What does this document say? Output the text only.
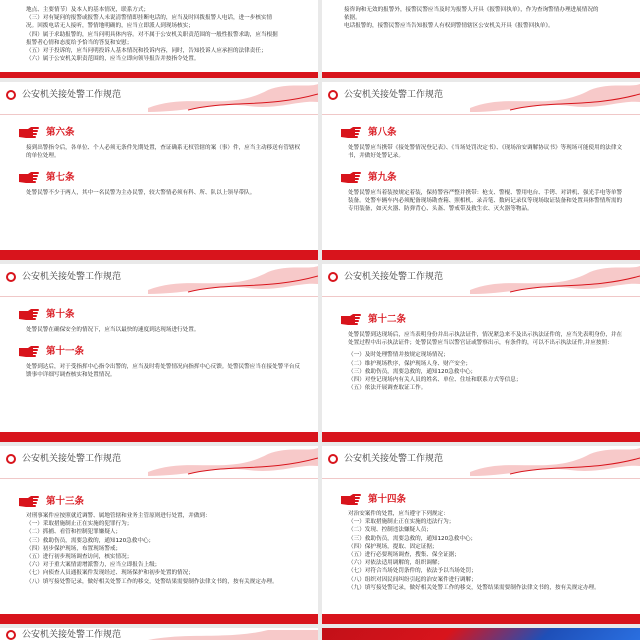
地点、主要情节）及本人的基本情况，联系方式；

（三）对有疑问的报警或报警人未说清警情即挂断电话的，应当及时回拨报警人电话，进一步核实情

况。回拨电话无人接听，警情地明确的，应当立即派人到现场核实；

（四）属于求助报警的，应当问明具体内容。对不属于公安机关职责范围的一般性报警求助，应当根据

报警者心情和态度给予恰当的答复和安慰；

（五）对于投诉的，应当问明投诉人基本情况和投诉内容，同时，告知投诉人应承担的法律责任；

（六）属于公安机关职责范围的，应当立即向领导报告并按指令处置。

接咨询和无效的报警外，接警民警应当及时为报警人开具《报警回执单》，作为查询警情办理进展情况的

依据。

电话报警的，接警民警应当告知报警人有权到警情辖区公安机关开具《报警回执单》。

公安机关接处警工作规范
第六条
接到出警指令后，各单位、个人必须无条件先期处置，查证确系无权管辖的案（事）件，应当主动移送有管辖权的单位处理。
第七条
处警民警不少于两人，其中一名民警为主办民警，较大警情必须有科、所、队以上领导带队。
公安机关接处警工作规范
第八条
处警民警应当携带《接处警情况登记表》、《当场处罚决定书》、《现场治安调解协议书》等现场可能使用的法律文书，并做好处警记录。
第九条
处警民警应当着装按规定着装，保持警容严整并携带：枪支、警棍、警用电台、手铐、对讲机、强光手电等单警装备。处警车辆车内必须配备现场勘查箱、照相机、录音笔、数码记录仪等现场取证装备和处置具体警情所需的专用装备，如灭火器、防弹背心、头盔、警戒带及救生衣、灭火器等物品。
公安机关接处警工作规范
第十条
处警民警在确保安全的情况下，应当以最快的速度到达现场进行处置。
第十一条
处警到达后，对于受指挥中心指令出警的，应当及时将处警情况向指挥中心反馈。处警民警应当在接处警平台反馈事中详细写调查核实和处置情况。
公安机关接处警工作规范
第十二条

处警民警到达现场后，应当表明身份并出示执法证件，情况紧急来不及出示执法证件的，应当先表明身份，并在处置过程中出示执法证件；处警民警应当以警官证或警察出示，有条件的，可以不出示执法证件,并应按照：

（一）及时处理警情并按规定现场情况；

（二）维护现场秩序，保护现场人身、财产安全；

（三）救助伤员，需要急救的，通知120急救中心；

（四）对登记现场内有关人员的姓名、单位、住址和联系方式等信息；

（五）依法开展调查取证工作。

公安机关接处警工作规范
第十三条

对刑事案件应按照就近调警、属地管辖和业务主管原则进行处置，并做到：

（一）采取措施制止正在实施的犯罪行为；

（二）抓捕、看管和控制犯罪嫌疑人；

（三）救助伤员，需要急救的，通知120急救中心；

（四）初步保护现场，布置现场警戒；

（五）进行初步现场调查访问，核实情况；

（六）对于重大案情需增派警力，应当立即报告上级；

（七）向侦查人员通报案件发现经过、现场保护和初步处置的情况；

（八）填写接处警记录，做好相关处警工作的移交，处警结果需要制作法律文书的，按有关规定办理。

公安机关接处警工作规范
第十四条

对治安案件的处置，应当遵守下列规定：

（一）采取措施制止正在实施的违法行为；

（二）发现、控制违法嫌疑人员；

（三）救助伤员，需要急救的，通知120急救中心；

（四）保护现场，提取、固定证据；

（五）进行必要现场调查，搜集、保全证据；

（六）对依法适用调解的，组织调解；

（七）对符合当场处罚条件的，依法予以当场处罚；

（八）组织对因民间纠纷引起的治安案件进行调解；

（九）填写接处警记录，做好相关处警工作的移交，处警结果需要制作法律文书的，按有关规定办理。

公安机关接处警工作规范
